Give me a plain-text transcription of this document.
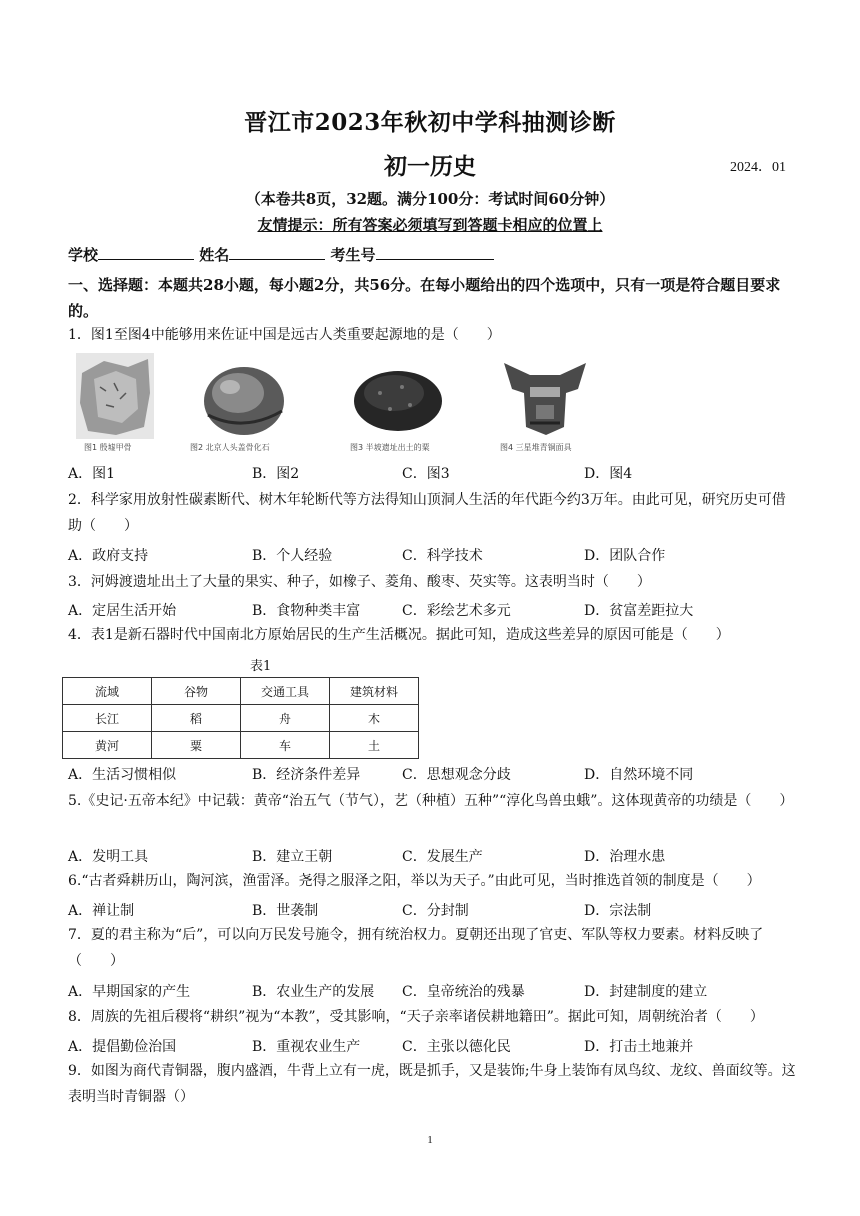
晋江市2023年秋初中学科抽测诊断
初一历史	2024．01
（本卷共8页，32题。满分100分：考试时间60分钟）
友情提示：所有答案必须填写到答题卡相应的位置上
学校	姓名	考生号
一、选择题：本题共28小题，每小题2分，共56分。在每小题给出的四个选项中，只有一项是符合题目要求的。
1．图1至图4中能够用来佐证中国是远古人类重要起源地的是（　　）
图1 殷墟甲骨	图2 北京人头盖骨化石	图3 半坡遗址出土的粟	图4 三星堆青铜面具
A．图1	B．图2	C．图3	D．图4
2．科学家用放射性碳素断代、树木年轮断代等方法得知山顶洞人生活的年代距今约3万年。由此可见，研究历史可借助（　　）
A．政府支持	B．个人经验	C．科学技术	D．团队合作
3．河姆渡遗址出土了大量的果实、种子，如橡子、菱角、酸枣、芡实等。这表明当时（　　）
A．定居生活开始	B．食物种类丰富	C．彩绘艺术多元	D．贫富差距拉大
4．表1是新石器时代中国南北方原始居民的生产生活概况。据此可知，造成这些差异的原因可能是（　　）
表1
流域	谷物	交通工具	建筑材料
长江	稻	舟	木
黄河	粟	车	土
A．生活习惯相似	B．经济条件差异	C．思想观念分歧	D．自然环境不同
5.《史记·五帝本纪》中记载：黄帝“治五气（节气），艺（种植）五种”“淳化鸟兽虫蛾”。这体现黄帝的功绩是（　　）
A．发明工具	B．建立王朝	C．发展生产	D．治理水患
6.“古者舜耕历山，陶河滨，渔雷泽。尧得之服泽之阳，举以为天子。”由此可见，当时推选首领的制度是（　　）
A．禅让制	B．世袭制	C．分封制	D．宗法制
7．夏的君主称为“后”，可以向万民发号施令，拥有统治权力。夏朝还出现了官吏、军队等权力要素。材料反映了（　　）
A．早期国家的产生	B．农业生产的发展 C．皇帝统治的残暴	D．封建制度的建立
8．周族的先祖后稷将“耕织”视为“本教”，受其影响，“天子亲率诸侯耕地籍田”。据此可知，周朝统治者（　　）
A．提倡勤俭治国	B．重视农业生产	C．主张以德化民	D．打击土地兼并
9．如图为商代青铜器，腹内盛酒，牛背上立有一虎，既是抓手，又是装饰;牛身上装饰有凤鸟纹、龙纹、兽面纹等。这表明当时青铜器（）
1
